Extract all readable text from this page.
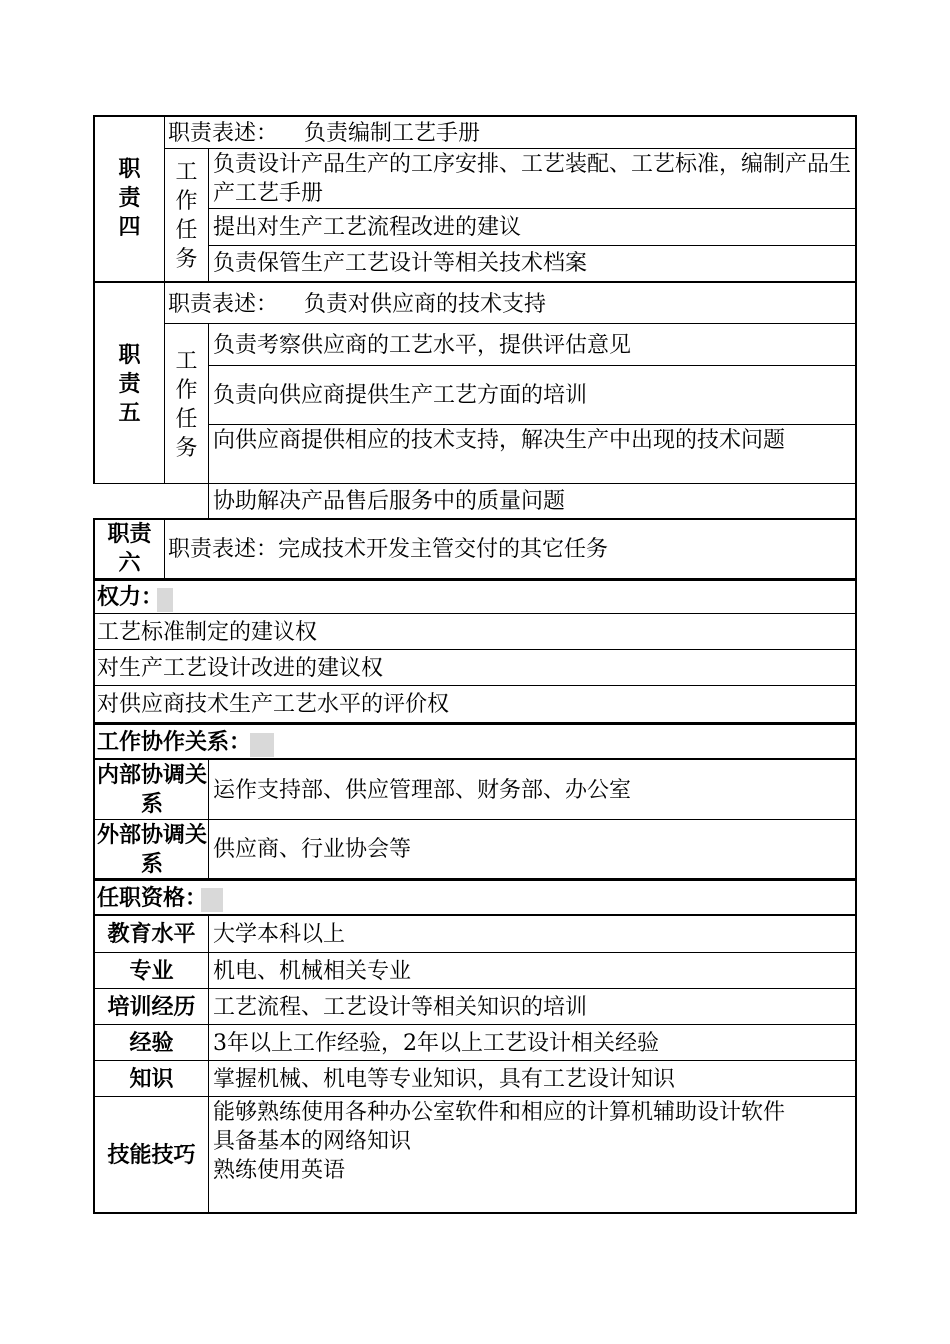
职责四
职责表述： 负责编制工艺手册
工作任务
负责设计产品生产的工序安排、工艺装配、工艺标准，编制产品生产工艺手册
提出对生产工艺流程改进的建议
负责保管生产工艺设计等相关技术档案
职责五
职责表述： 负责对供应商的技术支持
工作任务
负责考察供应商的工艺水平，提供评估意见
负责向供应商提供生产工艺方面的培训
向供应商提供相应的技术支持，解决生产中出现的技术问题
协助解决产品售后服务中的质量问题
职责六
职责表述：完成技术开发主管交付的其它任务
权力：
工艺标准制定的建议权
对生产工艺设计改进的建议权
对供应商技术生产工艺水平的评价权
工作协作关系：
内部协调关系
运作支持部、供应管理部、财务部、办公室
外部协调关系
供应商、行业协会等
任职资格：
教育水平 大学本科以上
专业 机电、机械相关专业
培训经历 工艺流程、工艺设计等相关知识的培训
经验 3年以上工作经验，2年以上工艺设计相关经验
知识 掌握机械、机电等专业知识，具有工艺设计知识
技能技巧
能够熟练使用各种办公室软件和相应的计算机辅助设计软件
具备基本的网络知识
熟练使用英语
